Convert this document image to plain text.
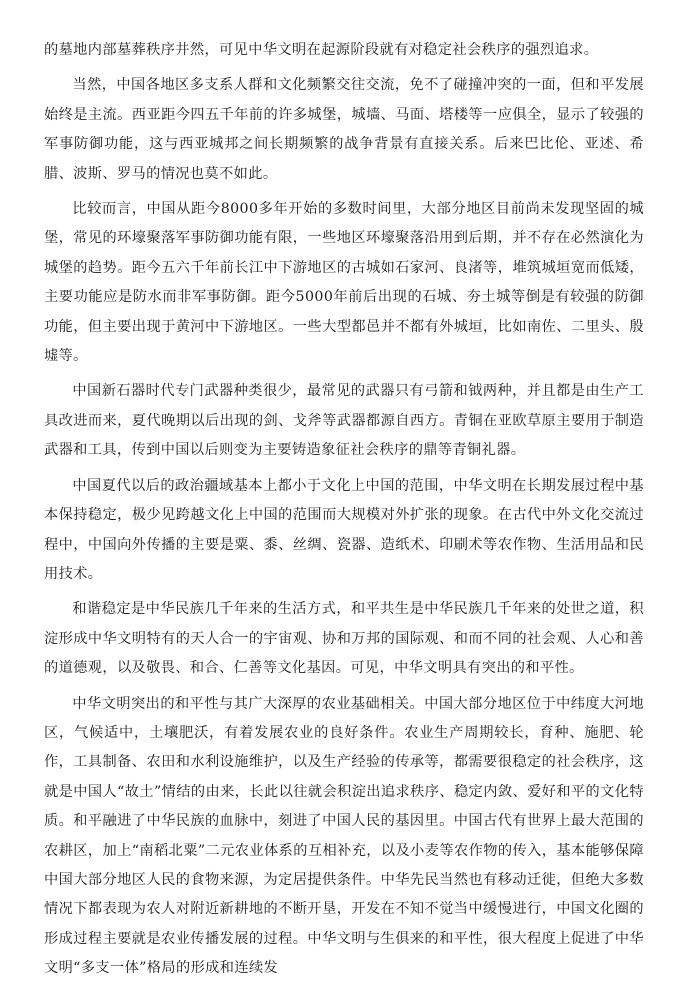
的墓地内部墓葬秩序井然，可见中华文明在起源阶段就有对稳定社会秩序的强烈追求。

当然，中国各地区多支系人群和文化频繁交往交流，免不了碰撞冲突的一面，但和平发展始终是主流。西亚距今四五千年前的许多城堡，城墙、马面、塔楼等一应俱全，显示了较强的军事防御功能，这与西亚城邦之间长期频繁的战争背景有直接关系。后来巴比伦、亚述、希腊、波斯、罗马的情况也莫不如此。

比较而言，中国从距今8000多年开始的多数时间里，大部分地区目前尚未发现坚固的城堡，常见的环壕聚落军事防御功能有限，一些地区环壕聚落沿用到后期，并不存在必然演化为城堡的趋势。距今五六千年前长江中下游地区的古城如石家河、良渚等，堆筑城垣宽而低矮，主要功能应是防水而非军事防御。距今5000年前后出现的石城、夯土城等倒是有较强的防御功能，但主要出现于黄河中下游地区。一些大型都邑并不都有外城垣，比如南佐、二里头、殷墟等。

中国新石器时代专门武器种类很少，最常见的武器只有弓箭和钺两种，并且都是由生产工具改进而来，夏代晚期以后出现的剑、戈斧等武器都源自西方。青铜在亚欧草原主要用于制造武器和工具，传到中国以后则变为主要铸造象征社会秩序的鼎等青铜礼器。

中国夏代以后的政治疆域基本上都小于文化上中国的范围，中华文明在长期发展过程中基本保持稳定，极少见跨越文化上中国的范围而大规模对外扩张的现象。在古代中外文化交流过程中，中国向外传播的主要是粟、黍、丝绸、瓷器、造纸术、印刷术等农作物、生活用品和民用技术。

和谐稳定是中华民族几千年来的生活方式，和平共生是中华民族几千年来的处世之道，积淀形成中华文明特有的天人合一的宇宙观、协和万邦的国际观、和而不同的社会观、人心和善的道德观，以及敬畏、和合、仁善等文化基因。可见，中华文明具有突出的和平性。

中华文明突出的和平性与其广大深厚的农业基础相关。中国大部分地区位于中纬度大河地区，气候适中，土壤肥沃，有着发展农业的良好条件。农业生产周期较长，育种、施肥、轮作，工具制备、农田和水利设施维护，以及生产经验的传承等，都需要很稳定的社会秩序，这就是中国人“故土”情结的由来，长此以往就会积淀出追求秩序、稳定内敛、爱好和平的文化特质。和平融进了中华民族的血脉中，刻进了中国人民的基因里。中国古代有世界上最大范围的农耕区，加上“南稻北粟”二元农业体系的互相补充，以及小麦等农作物的传入，基本能够保障中国大部分地区人民的食物来源，为定居提供条件。中华先民当然也有移动迁徙，但绝大多数情况下都表现为农人对附近新耕地的不断开垦，开发在不知不觉当中缓慢进行，中国文化圈的形成过程主要就是农业传播发展的过程。中华文明与生俱来的和平性，很大程度上促进了中华文明“多支一体”格局的形成和连续发
